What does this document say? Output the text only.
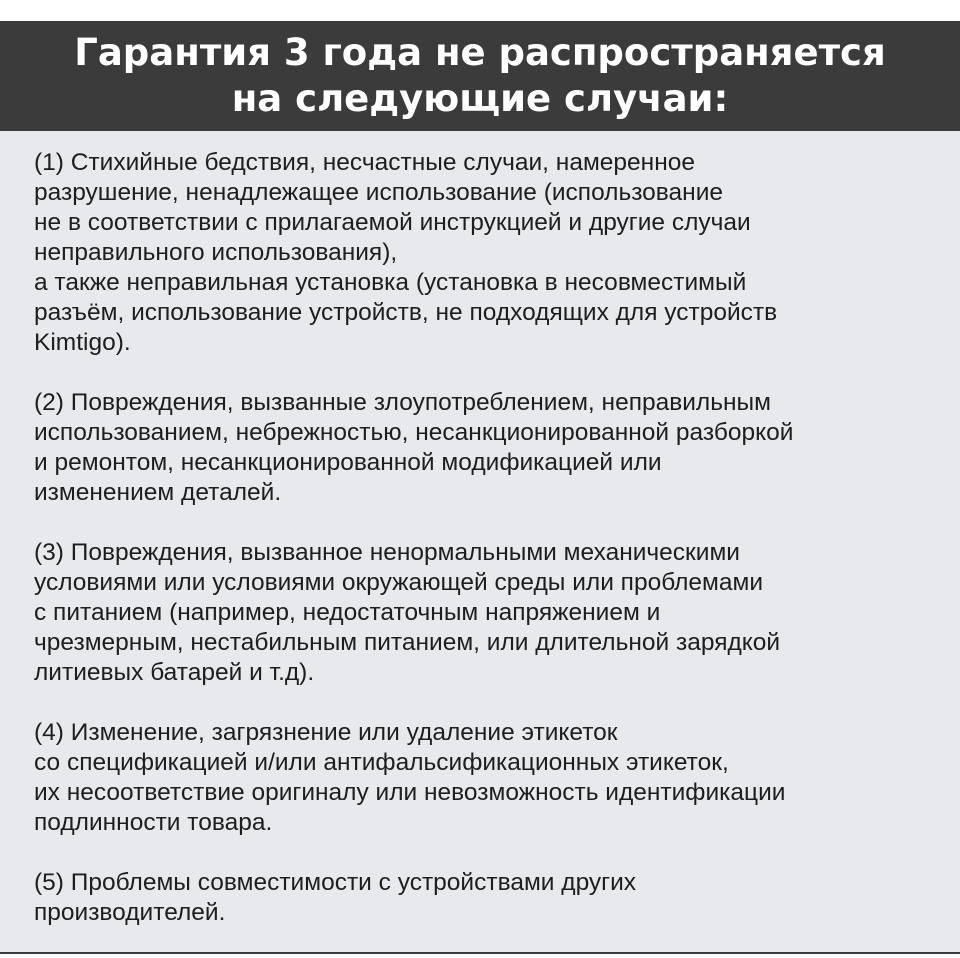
Гарантия 3 года не распространяется
на следующие случаи:

(1) Стихийные бедствия, несчастные случаи, намеренное
разрушение, ненадлежащее использование (использование
не в соответствии с прилагаемой инструкцией и другие случаи
неправильного использования),
а также неправильная установка (установка в несовместимый
разъём, использование устройств, не подходящих для устройств
Kimtigo).

(2) Повреждения, вызванные злоупотреблением, неправильным
использованием, небрежностью, несанкционированной разборкой
и ремонтом, несанкционированной модификацией или
изменением деталей.

(3) Повреждения, вызванное ненормальными механическими
условиями или условиями окружающей среды или проблемами
с питанием (например, недостаточным напряжением и
чрезмерным, нестабильным питанием, или длительной зарядкой
литиевых батарей и т.д).

(4) Изменение, загрязнение или удаление этикеток
со спецификацией и/или антифальсификационных этикеток,
их несоответствие оригиналу или невозможность идентификации
подлинности товара.

(5) Проблемы совместимости с устройствами других
производителей.
